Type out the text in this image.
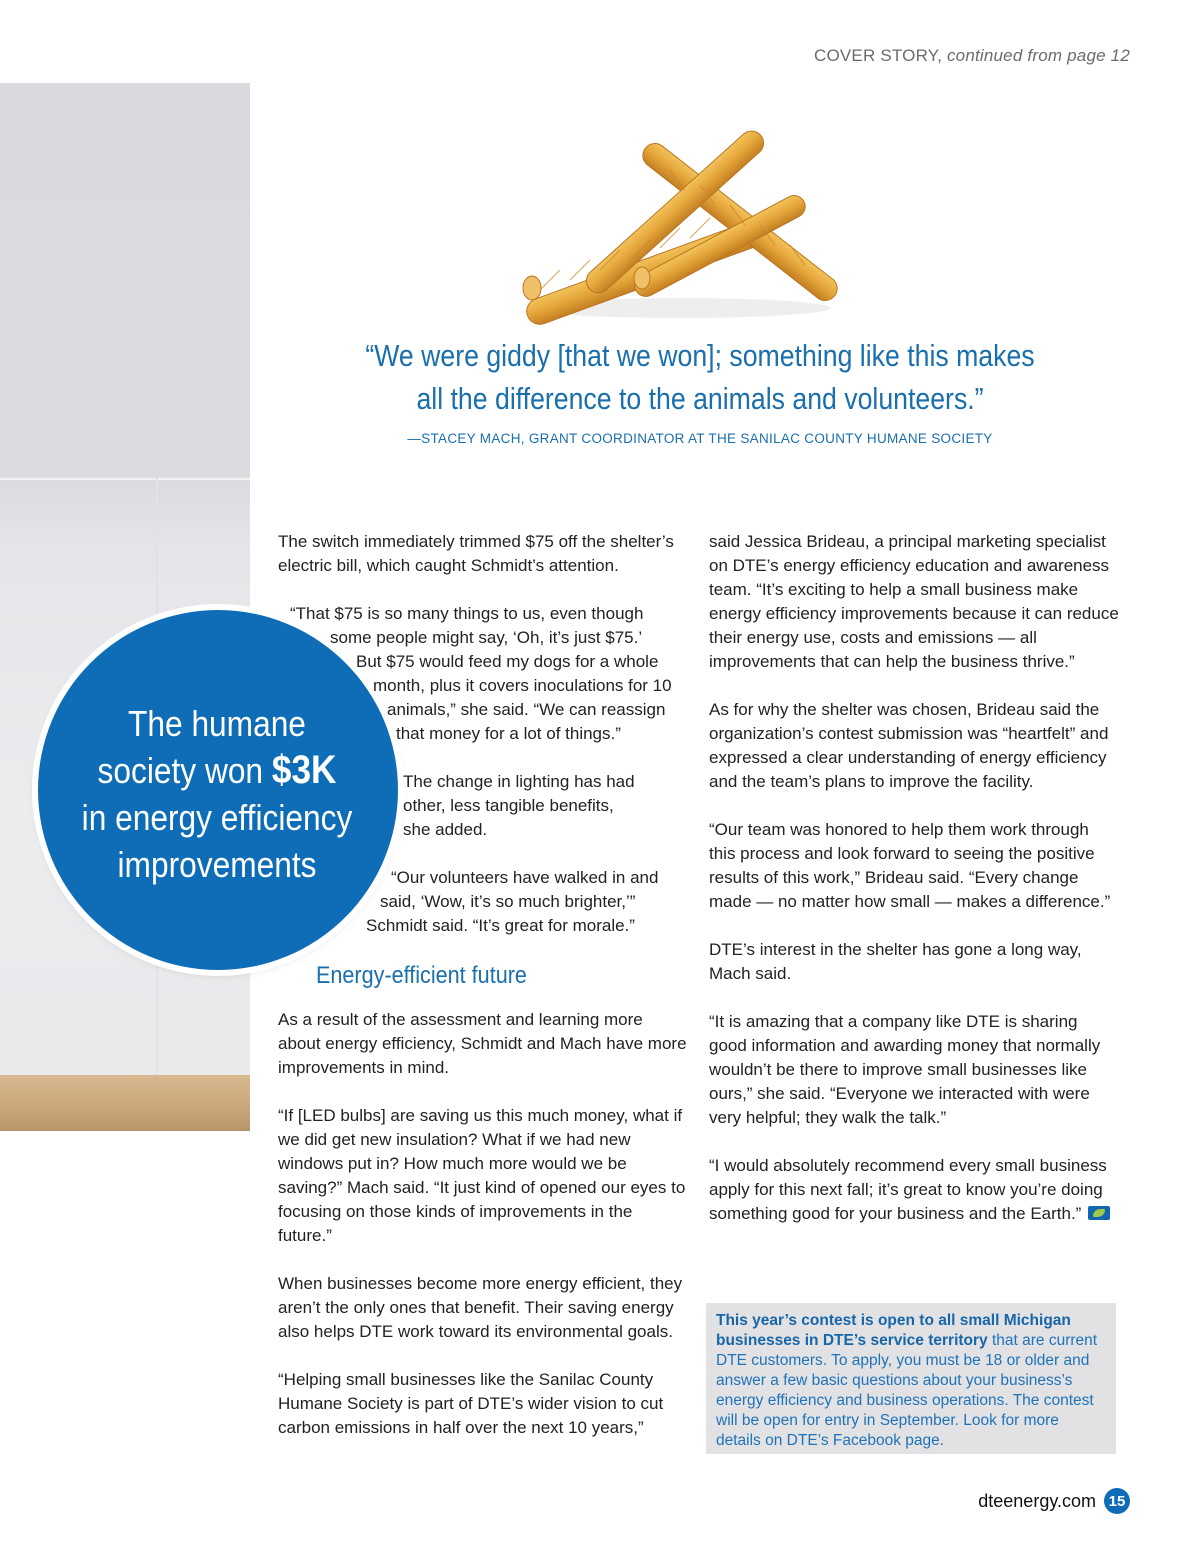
COVER STORY, continued from page 12
“We were giddy [that we won]; something like this makes
all the difference to the animals and volunteers.”
—STACEY MACH, GRANT COORDINATOR AT THE SANILAC COUNTY HUMANE SOCIETY
The humane
society won $3K
in energy efficiency
improvements

The switch immediately trimmed $75 off the shelter’s electric bill, which caught Schmidt’s attention.

“That $75 is so many things to us, even though
some people might say, ‘Oh, it’s just $75.’
But $75 would feed my dogs for a whole
month, plus it covers inoculations for 10
animals,” she said. “We can reassign
that money for a lot of things.”
The change in lighting has had
other, less tangible benefits,
she added.
“Our volunteers have walked in and
said, ‘Wow, it’s so much brighter,’”
Schmidt said. “It’s great for morale.”
Energy-efficient future

As a result of the assessment and learning more about energy efficiency, Schmidt and Mach have more improvements in mind.

“If [LED bulbs] are saving us this much money, what if we did get new insulation? What if we had new windows put in? How much more would we be saving?” Mach said. “It just kind of opened our eyes to focusing on those kinds of improvements in the future.”

When businesses become more energy efficient, they aren’t the only ones that benefit. Their saving energy also helps DTE work toward its environmental goals.

“Helping small businesses like the Sanilac County Humane Society is part of DTE’s wider vision to cut carbon emissions in half over the next 10 years,”

said Jessica Brideau, a principal marketing specialist on DTE’s energy efficiency education and awareness team. “It’s exciting to help a small business make energy efficiency improvements because it can reduce their energy use, costs and emissions — all improvements that can help the business thrive.”

As for why the shelter was chosen, Brideau said the organization’s contest submission was “heartfelt” and expressed a clear understanding of energy efficiency and the team’s plans to improve the facility.

“Our team was honored to help them work through this process and look forward to seeing the positive results of this work,” Brideau said. “Every change made — no matter how small — makes a difference.”

DTE’s interest in the shelter has gone a long way, Mach said.

“It is amazing that a company like DTE is sharing good information and awarding money that normally wouldn’t be there to improve small businesses like ours,” she said. “Everyone we interacted with were very helpful; they walk the talk.”

“I would absolutely recommend every small business apply for this next fall; it’s great to know you’re doing something good for your business and the Earth.”

This year’s contest is open to all small Michigan businesses in DTE’s service territory that are current DTE customers. To apply, you must be 18 or older and answer a few basic questions about your business’s energy efficiency and business operations. The contest will be open for entry in September. Look for more details on DTE’s Facebook page.
dteenergy.com 15
